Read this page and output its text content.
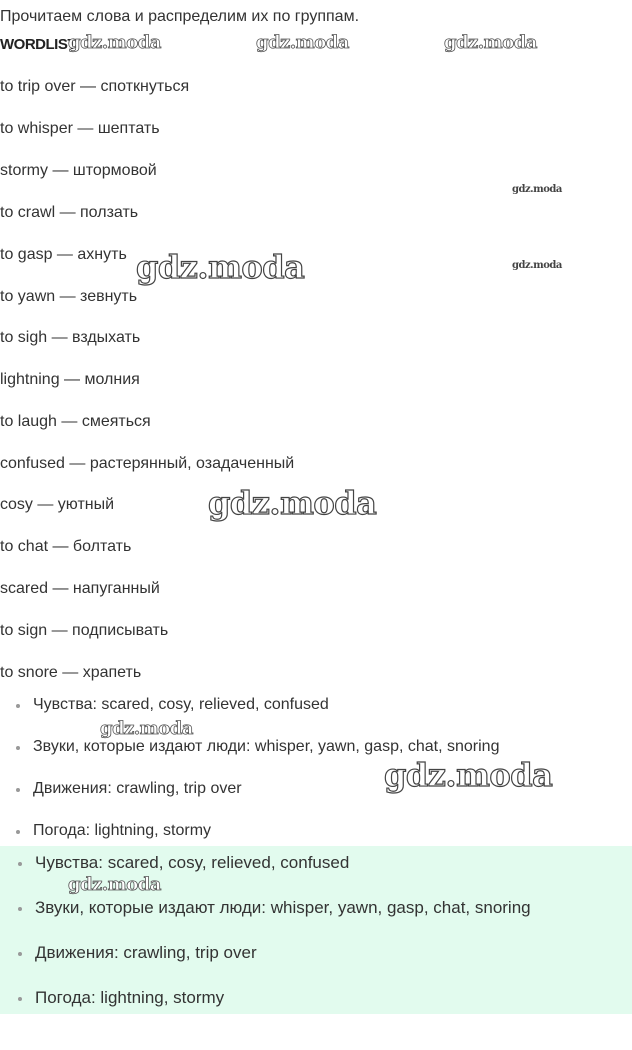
Прочитаем слова и распределим их по группам.
WORDLIST
to trip over — споткнуться
to whisper — шептать
stormy — штормовой
to crawl — ползать
to gasp — ахнуть
to yawn — зевнуть
to sigh — вздыхать
lightning — молния
to laugh — смеяться
confused — растерянный, озадаченный
cosy — уютный
to chat — болтать
scared — напуганный
to sign — подписывать
to snore — храпеть
Чувства: scared, cosy, relieved, confused
Звуки, которые издают люди: whisper, yawn, gasp, chat, snoring
Движения: crawling, trip over
Погода: lightning, stormy
Чувства: scared, cosy, relieved, confused
Звуки, которые издают люди: whisper, yawn, gasp, chat, snoring
Движения: crawling, trip over
Погода: lightning, stormy
gdz.moda	gdz.moda	gdz.moda
gdz.moda
gdz.moda	gdz.moda
gdz.moda
gdz.moda
gdz.moda
gdz.moda
